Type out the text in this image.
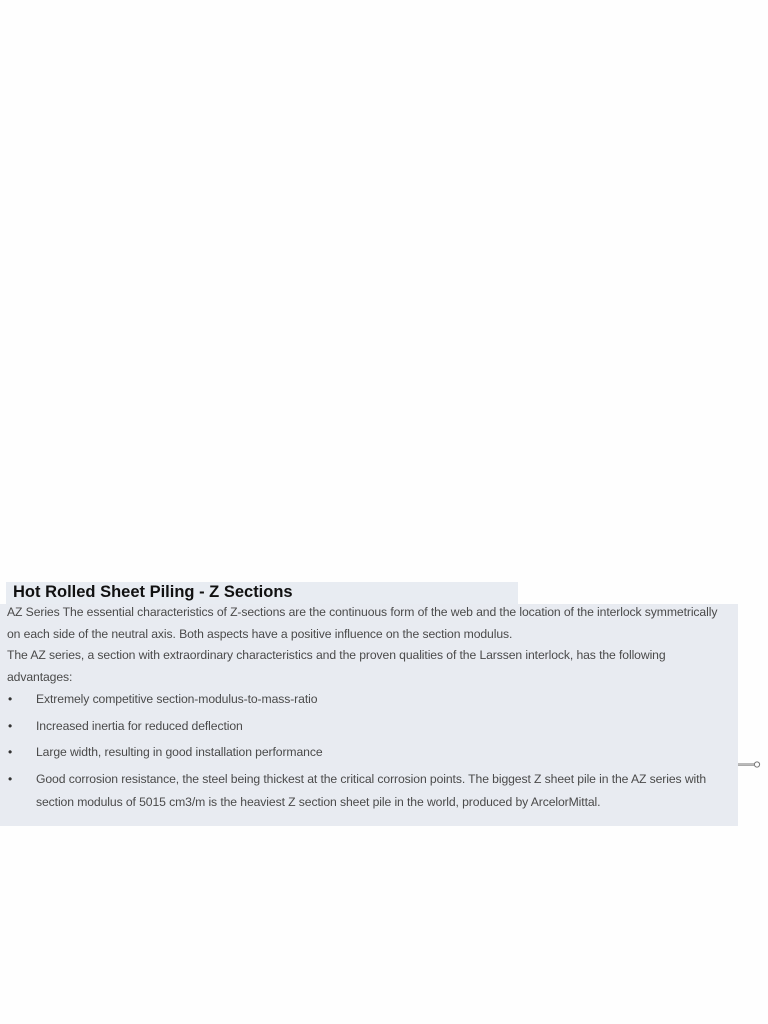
Hot Rolled Sheet Piling - Z Sections

AZ Series The essential characteristics of Z-sections are the continuous form of the web and the location of the interlock symmetrically on each side of the neutral axis. Both aspects have a positive influence on the section modulus.

The AZ series, a section with extraordinary characteristics and the proven qualities of the Larssen interlock, has the following advantages:

• Extremely competitive section-modulus-to-mass-ratio
• Increased inertia for reduced deflection
• Large width, resulting in good installation performance
• Good corrosion resistance, the steel being thickest at the critical corrosion points. The biggest Z sheet pile in the AZ series with section modulus of 5015 cm3/m is the heaviest Z section sheet pile in the world, produced by ArcelorMittal.
